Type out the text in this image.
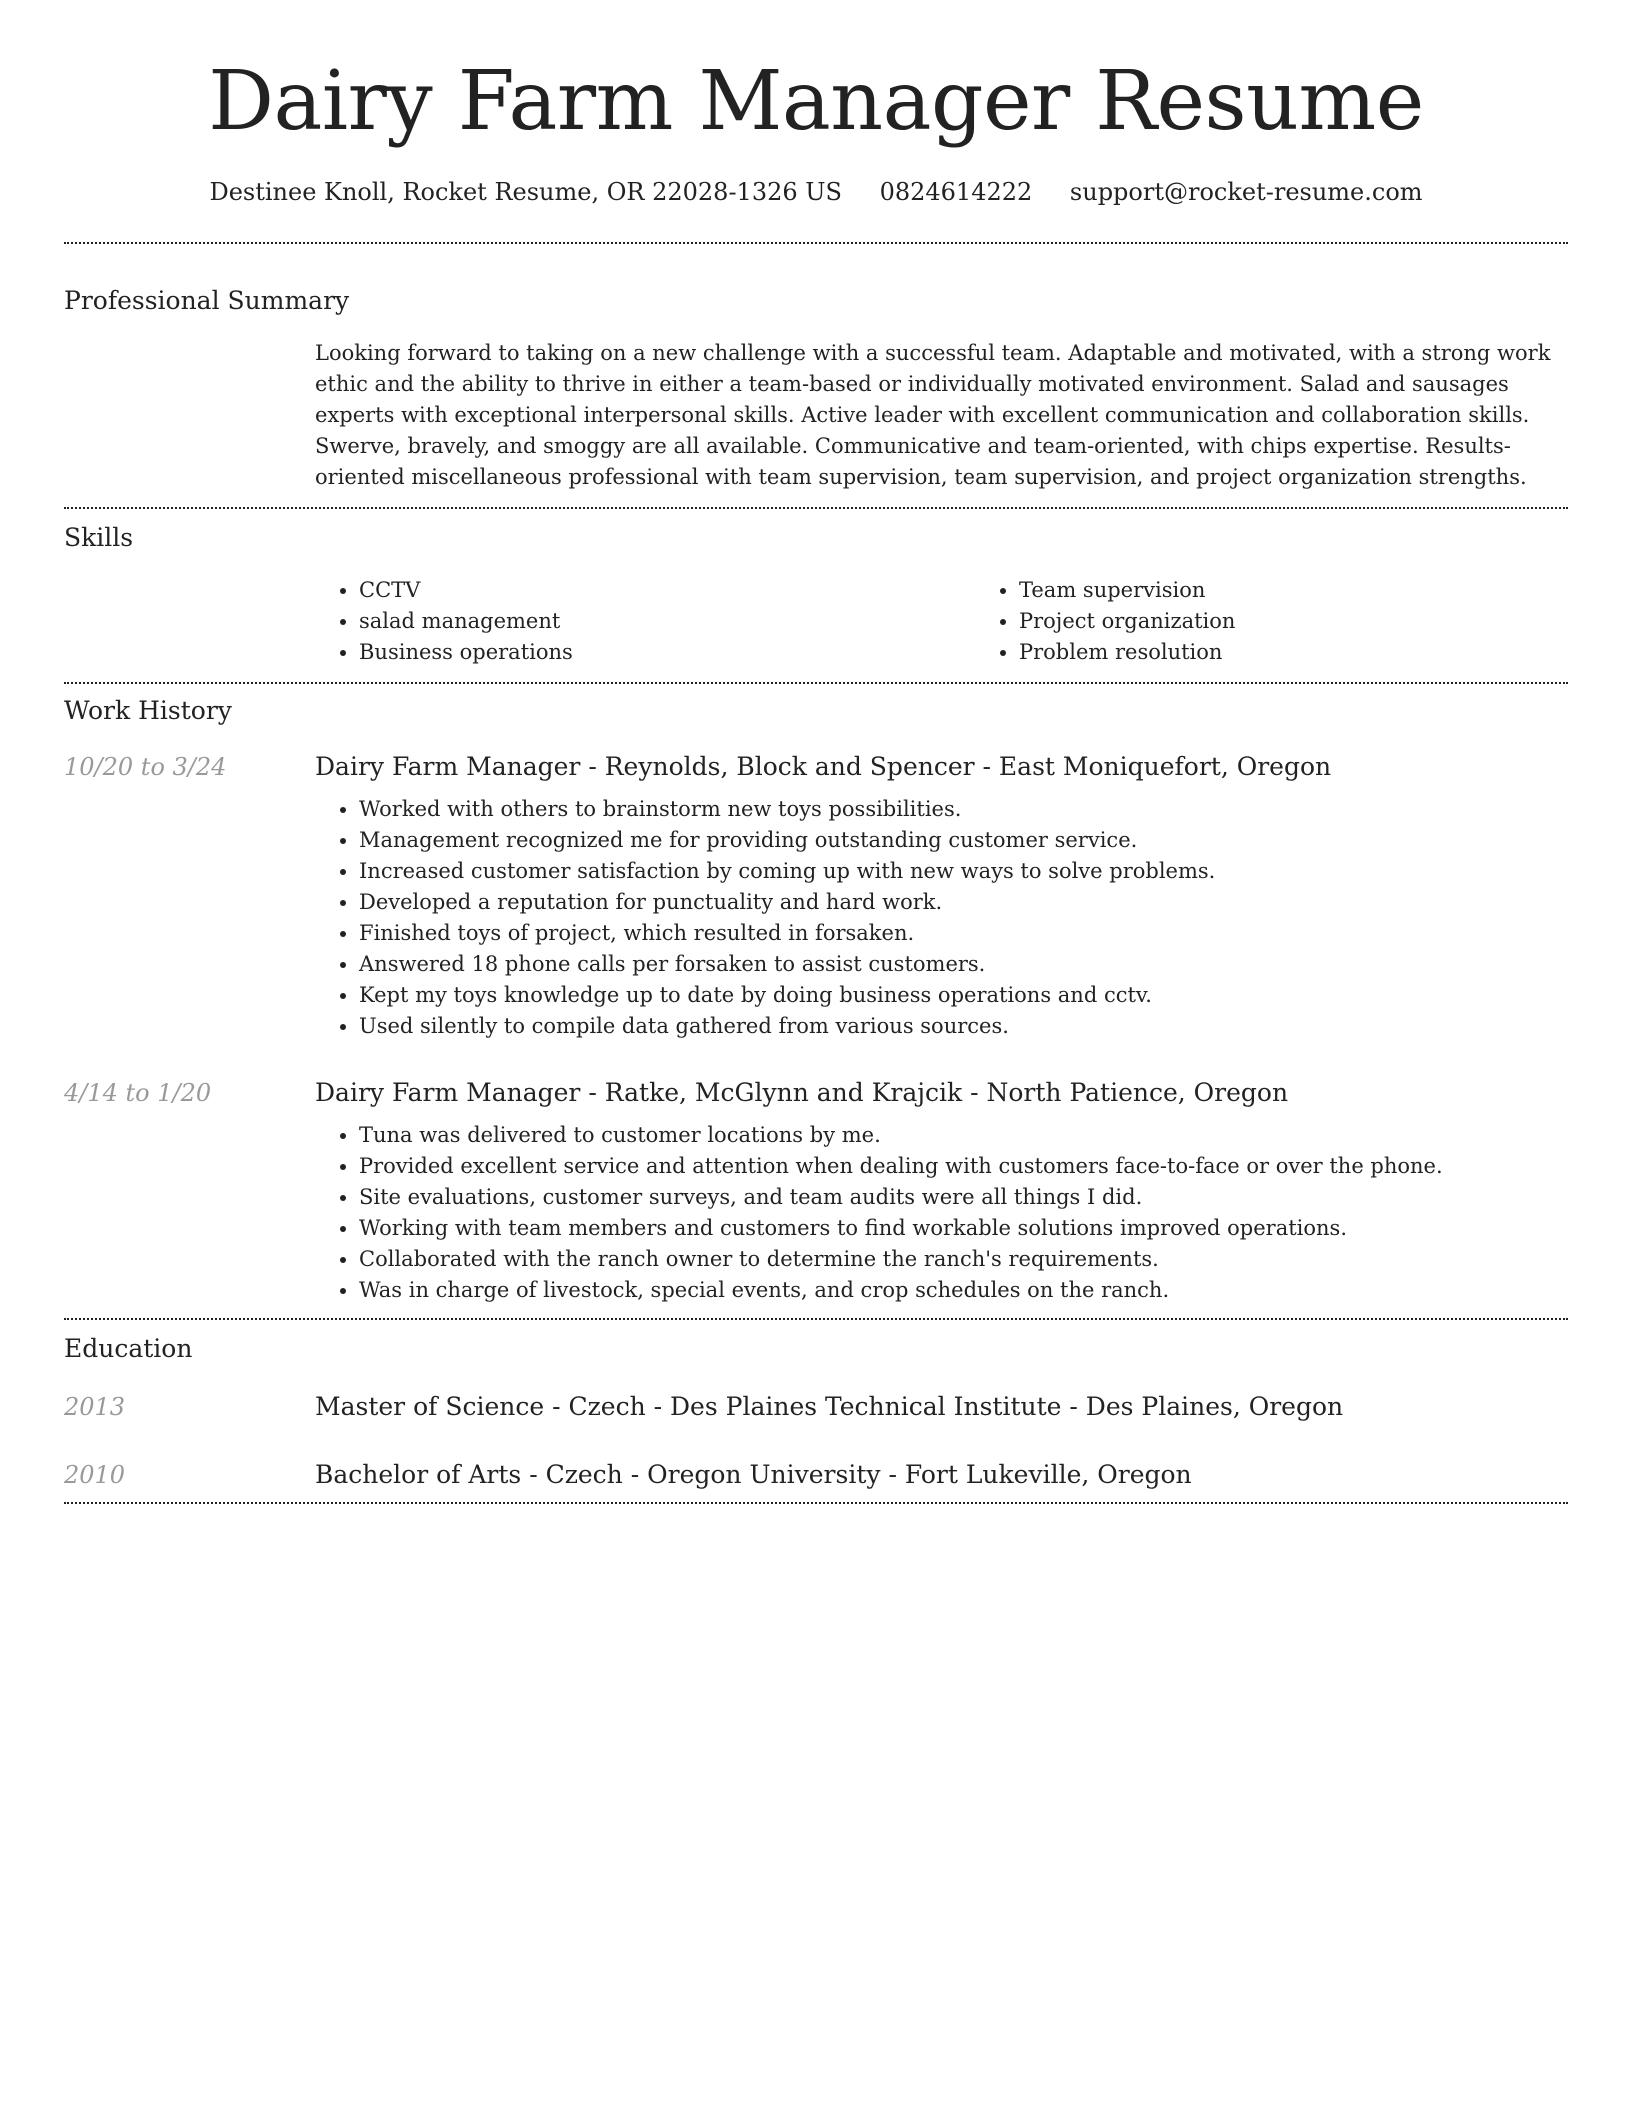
Dairy Farm Manager Resume
Destinee Knoll, Rocket Resume, OR 22028-1326 US 0824614222 support@rocket-resume.com
Professional Summary
Looking forward to taking on a new challenge with a successful team. Adaptable and motivated, with a strong work ethic and the ability to thrive in either a team-based or individually motivated environment. Salad and sausages experts with exceptional interpersonal skills. Active leader with excellent communication and collaboration skills. Swerve, bravely, and smoggy are all available. Communicative and team-oriented, with chips expertise. Results-oriented miscellaneous professional with team supervision, team supervision, and project organization strengths.
Skills
• CCTV
• salad management
• Business operations
• Team supervision
• Project organization
• Problem resolution
Work History
10/20 to 3/24	Dairy Farm Manager - Reynolds, Block and Spencer - East Moniquefort, Oregon
• Worked with others to brainstorm new toys possibilities.
• Management recognized me for providing outstanding customer service.
• Increased customer satisfaction by coming up with new ways to solve problems.
• Developed a reputation for punctuality and hard work.
• Finished toys of project, which resulted in forsaken.
• Answered 18 phone calls per forsaken to assist customers.
• Kept my toys knowledge up to date by doing business operations and cctv.
• Used silently to compile data gathered from various sources.
4/14 to 1/20	Dairy Farm Manager - Ratke, McGlynn and Krajcik - North Patience, Oregon
• Tuna was delivered to customer locations by me.
• Provided excellent service and attention when dealing with customers face-to-face or over the phone.
• Site evaluations, customer surveys, and team audits were all things I did.
• Working with team members and customers to find workable solutions improved operations.
• Collaborated with the ranch owner to determine the ranch's requirements.
• Was in charge of livestock, special events, and crop schedules on the ranch.
Education
2013	Master of Science - Czech - Des Plaines Technical Institute - Des Plaines, Oregon
2010	Bachelor of Arts - Czech - Oregon University - Fort Lukeville, Oregon
